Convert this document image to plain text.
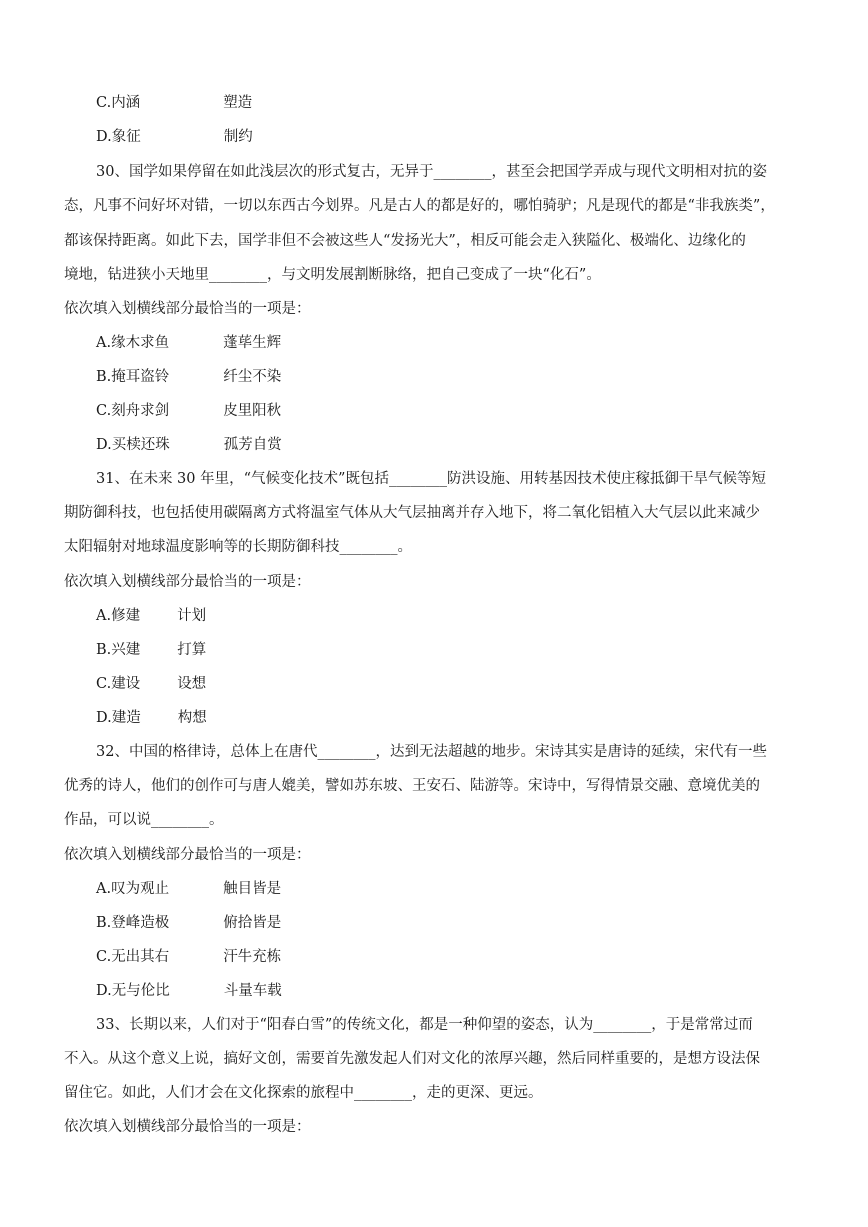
C.内涵	塑造
D.象征	制约
30、国学如果停留在如此浅层次的形式复古，无异于________，甚至会把国学弄成与现代文明相对抗的姿
态，凡事不问好坏对错，一切以东西古今划界。凡是古人的都是好的，哪怕骑驴；凡是现代的都是“非我族类”，
都该保持距离。如此下去，国学非但不会被这些人“发扬光大”，相反可能会走入狭隘化、极端化、边缘化的
境地，钻进狭小天地里________，与文明发展割断脉络，把自己变成了一块“化石”。
依次填入划横线部分最恰当的一项是：
A.缘木求鱼	蓬荜生辉
B.掩耳盗铃	纤尘不染
C.刻舟求剑	皮里阳秋
D.买椟还珠	孤芳自赏
31、在未来 30 年里，“气候变化技术”既包括________防洪设施、用转基因技术使庄稼抵御干旱气候等短
期防御科技，也包括使用碳隔离方式将温室气体从大气层抽离并存入地下，将二氧化铝植入大气层以此来减少
太阳辐射对地球温度影响等的长期防御科技________。
依次填入划横线部分最恰当的一项是：
A.修建	计划
B.兴建	打算
C.建设	设想
D.建造	构想
32、中国的格律诗，总体上在唐代________，达到无法超越的地步。宋诗其实是唐诗的延续，宋代有一些
优秀的诗人，他们的创作可与唐人媲美，譬如苏东坡、王安石、陆游等。宋诗中，写得情景交融、意境优美的
作品，可以说________。
依次填入划横线部分最恰当的一项是：
A.叹为观止	触目皆是
B.登峰造极	俯拾皆是
C.无出其右	汗牛充栋
D.无与伦比	斗量车载
33、长期以来，人们对于“阳春白雪”的传统文化，都是一种仰望的姿态，认为________，于是常常过而
不入。从这个意义上说，搞好文创，需要首先激发起人们对文化的浓厚兴趣，然后同样重要的，是想方设法保
留住它。如此，人们才会在文化探索的旅程中________，走的更深、更远。
依次填入划横线部分最恰当的一项是：
